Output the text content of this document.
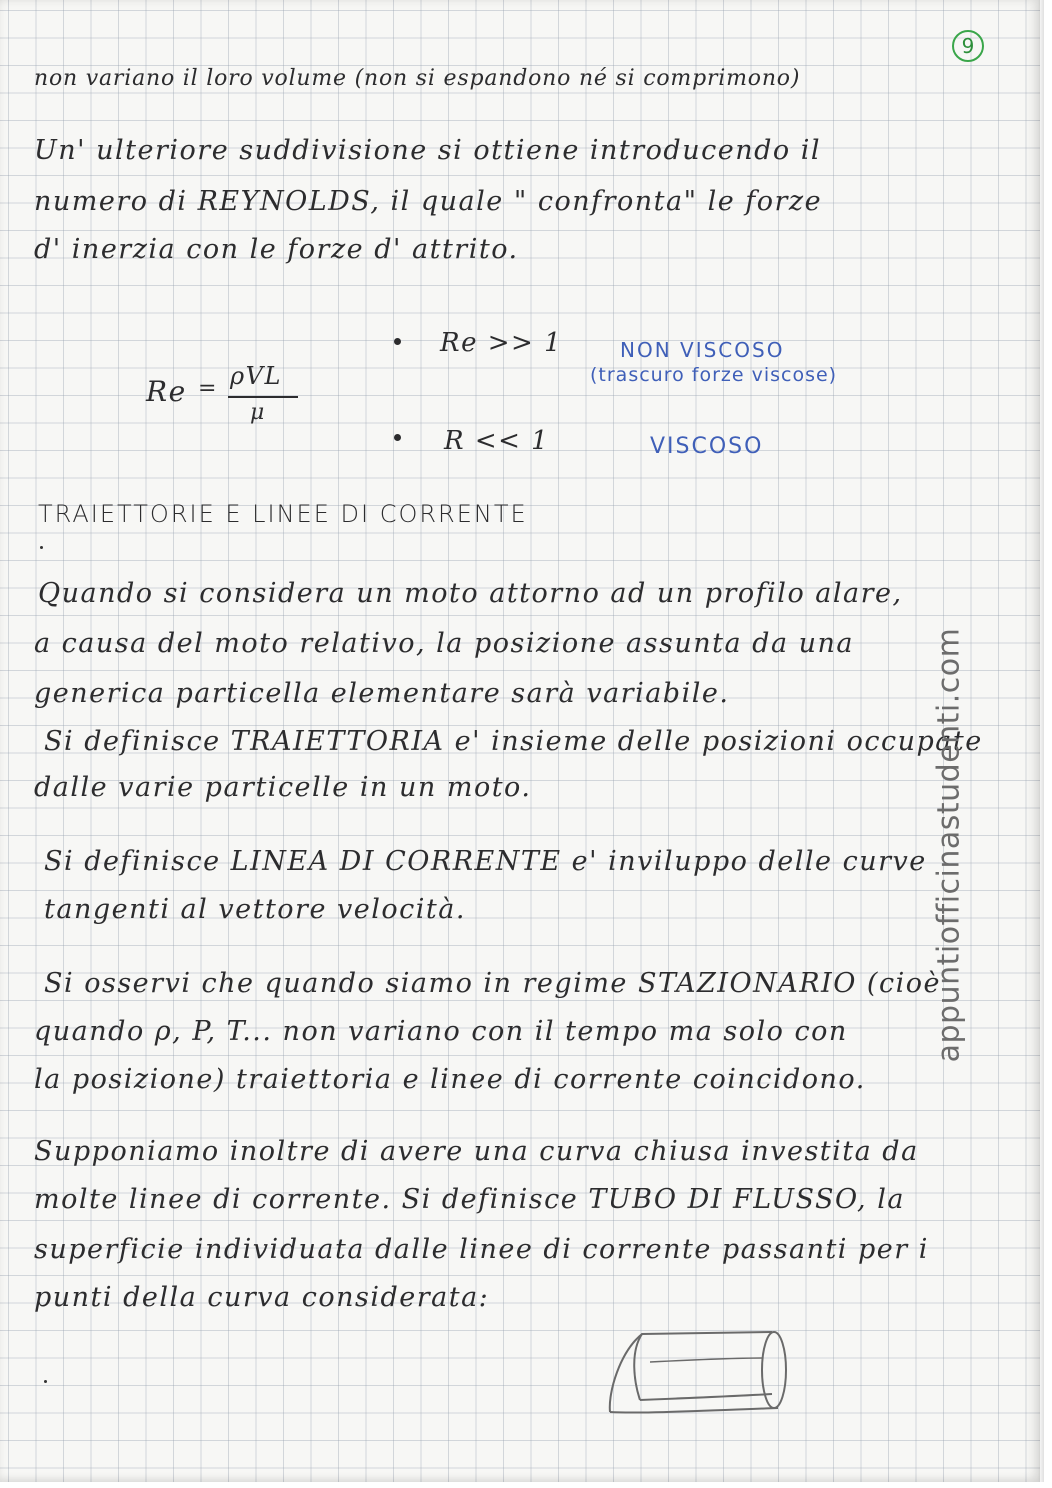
9
non variano il loro volume (non si espandono né si comprimono)
Un' ulteriore suddivisione si ottiene introducendo il
numero di REYNOLDS, il quale " confronta" le forze
d' inerzia con le forze d' attrito.
Re = ρVL
μ
Re >> 1	NON VISCOSO
(trascuro forze viscose)
R << 1	VISCOSO
TRAIETTORIE E LINEE DI CORRENTE
Quando si considera un moto attorno ad un profilo alare,
a causa del moto relativo, la posizione assunta da una
generica particella elementare sarà variabile.
Si definisce TRAIETTORIA e' insieme delle posizioni occupate
dalle varie particelle in un moto.
Si definisce LINEA DI CORRENTE e' inviluppo delle curve
tangenti al vettore velocità.
Si osservi che quando siamo in regime STAZIONARIO (cioè
quando ρ, P, T... non variano con il tempo ma solo con
la posizione) traiettoria e linee di corrente coincidono.
Supponiamo inoltre di avere una curva chiusa investita da
molte linee di corrente. Si definisce TUBO DI FLUSSO, la
superficie individuata dalle linee di corrente passanti per i
punti della curva considerata:
appuntiofficinastudenti.com
